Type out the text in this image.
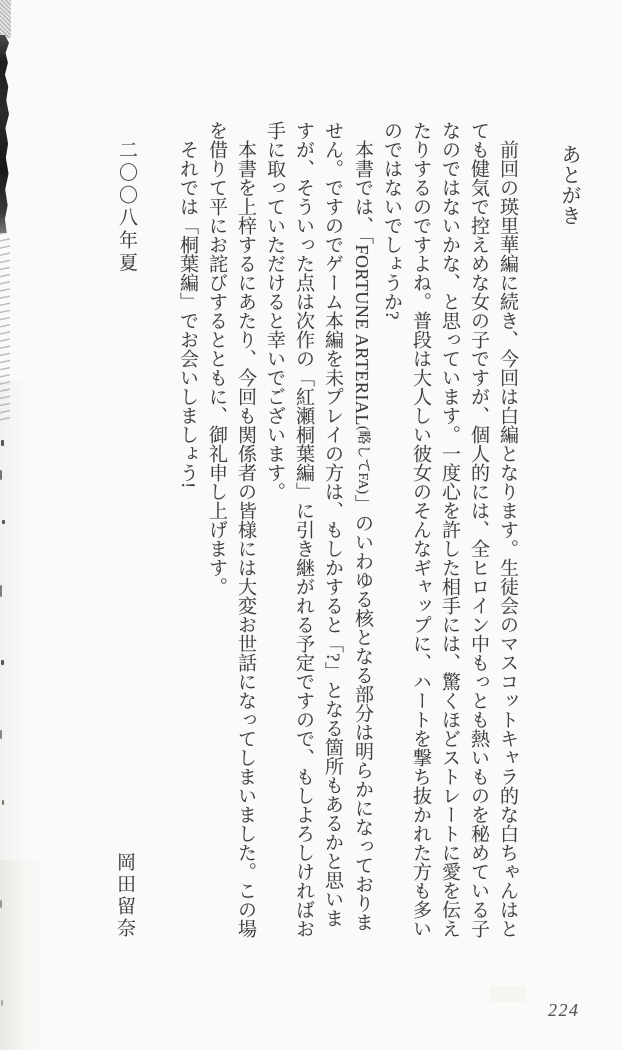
あとがき

前回の瑛里華編に続き、今回は白編となります。生徒会のマスコットキャラ的な白ちゃんはとても健気で控えめな女の子ですが、個人的には、全ヒロイン中もっとも熱いものを秘めている子なのではないかな、と思っています。一度心を許した相手には、驚くほどストレートに愛を伝えたりするのですよね。普段は大人しい彼女のそんなギャップに、ハートを撃ち抜かれた方も多いのではないでしょうか?

本書では、「FORTUNE ARTERIAL(略してFA)」のいわゆる核となる部分は明らかになっておりません。ですのでゲーム本編を未プレイの方は、もしかすると「?」となる箇所もあるかと思いますが、そういった点は次作の「紅瀬桐葉編」に引き継がれる予定ですので、もしよろしければお手に取っていただけると幸いでございます。

本書を上梓するにあたり、今回も関係者の皆様には大変お世話になってしまいました。この場を借りて平にお詫びするとともに、御礼申し上げます。

それでは「桐葉編」でお会いしましょう!

二〇〇八年夏
岡田留奈
224
